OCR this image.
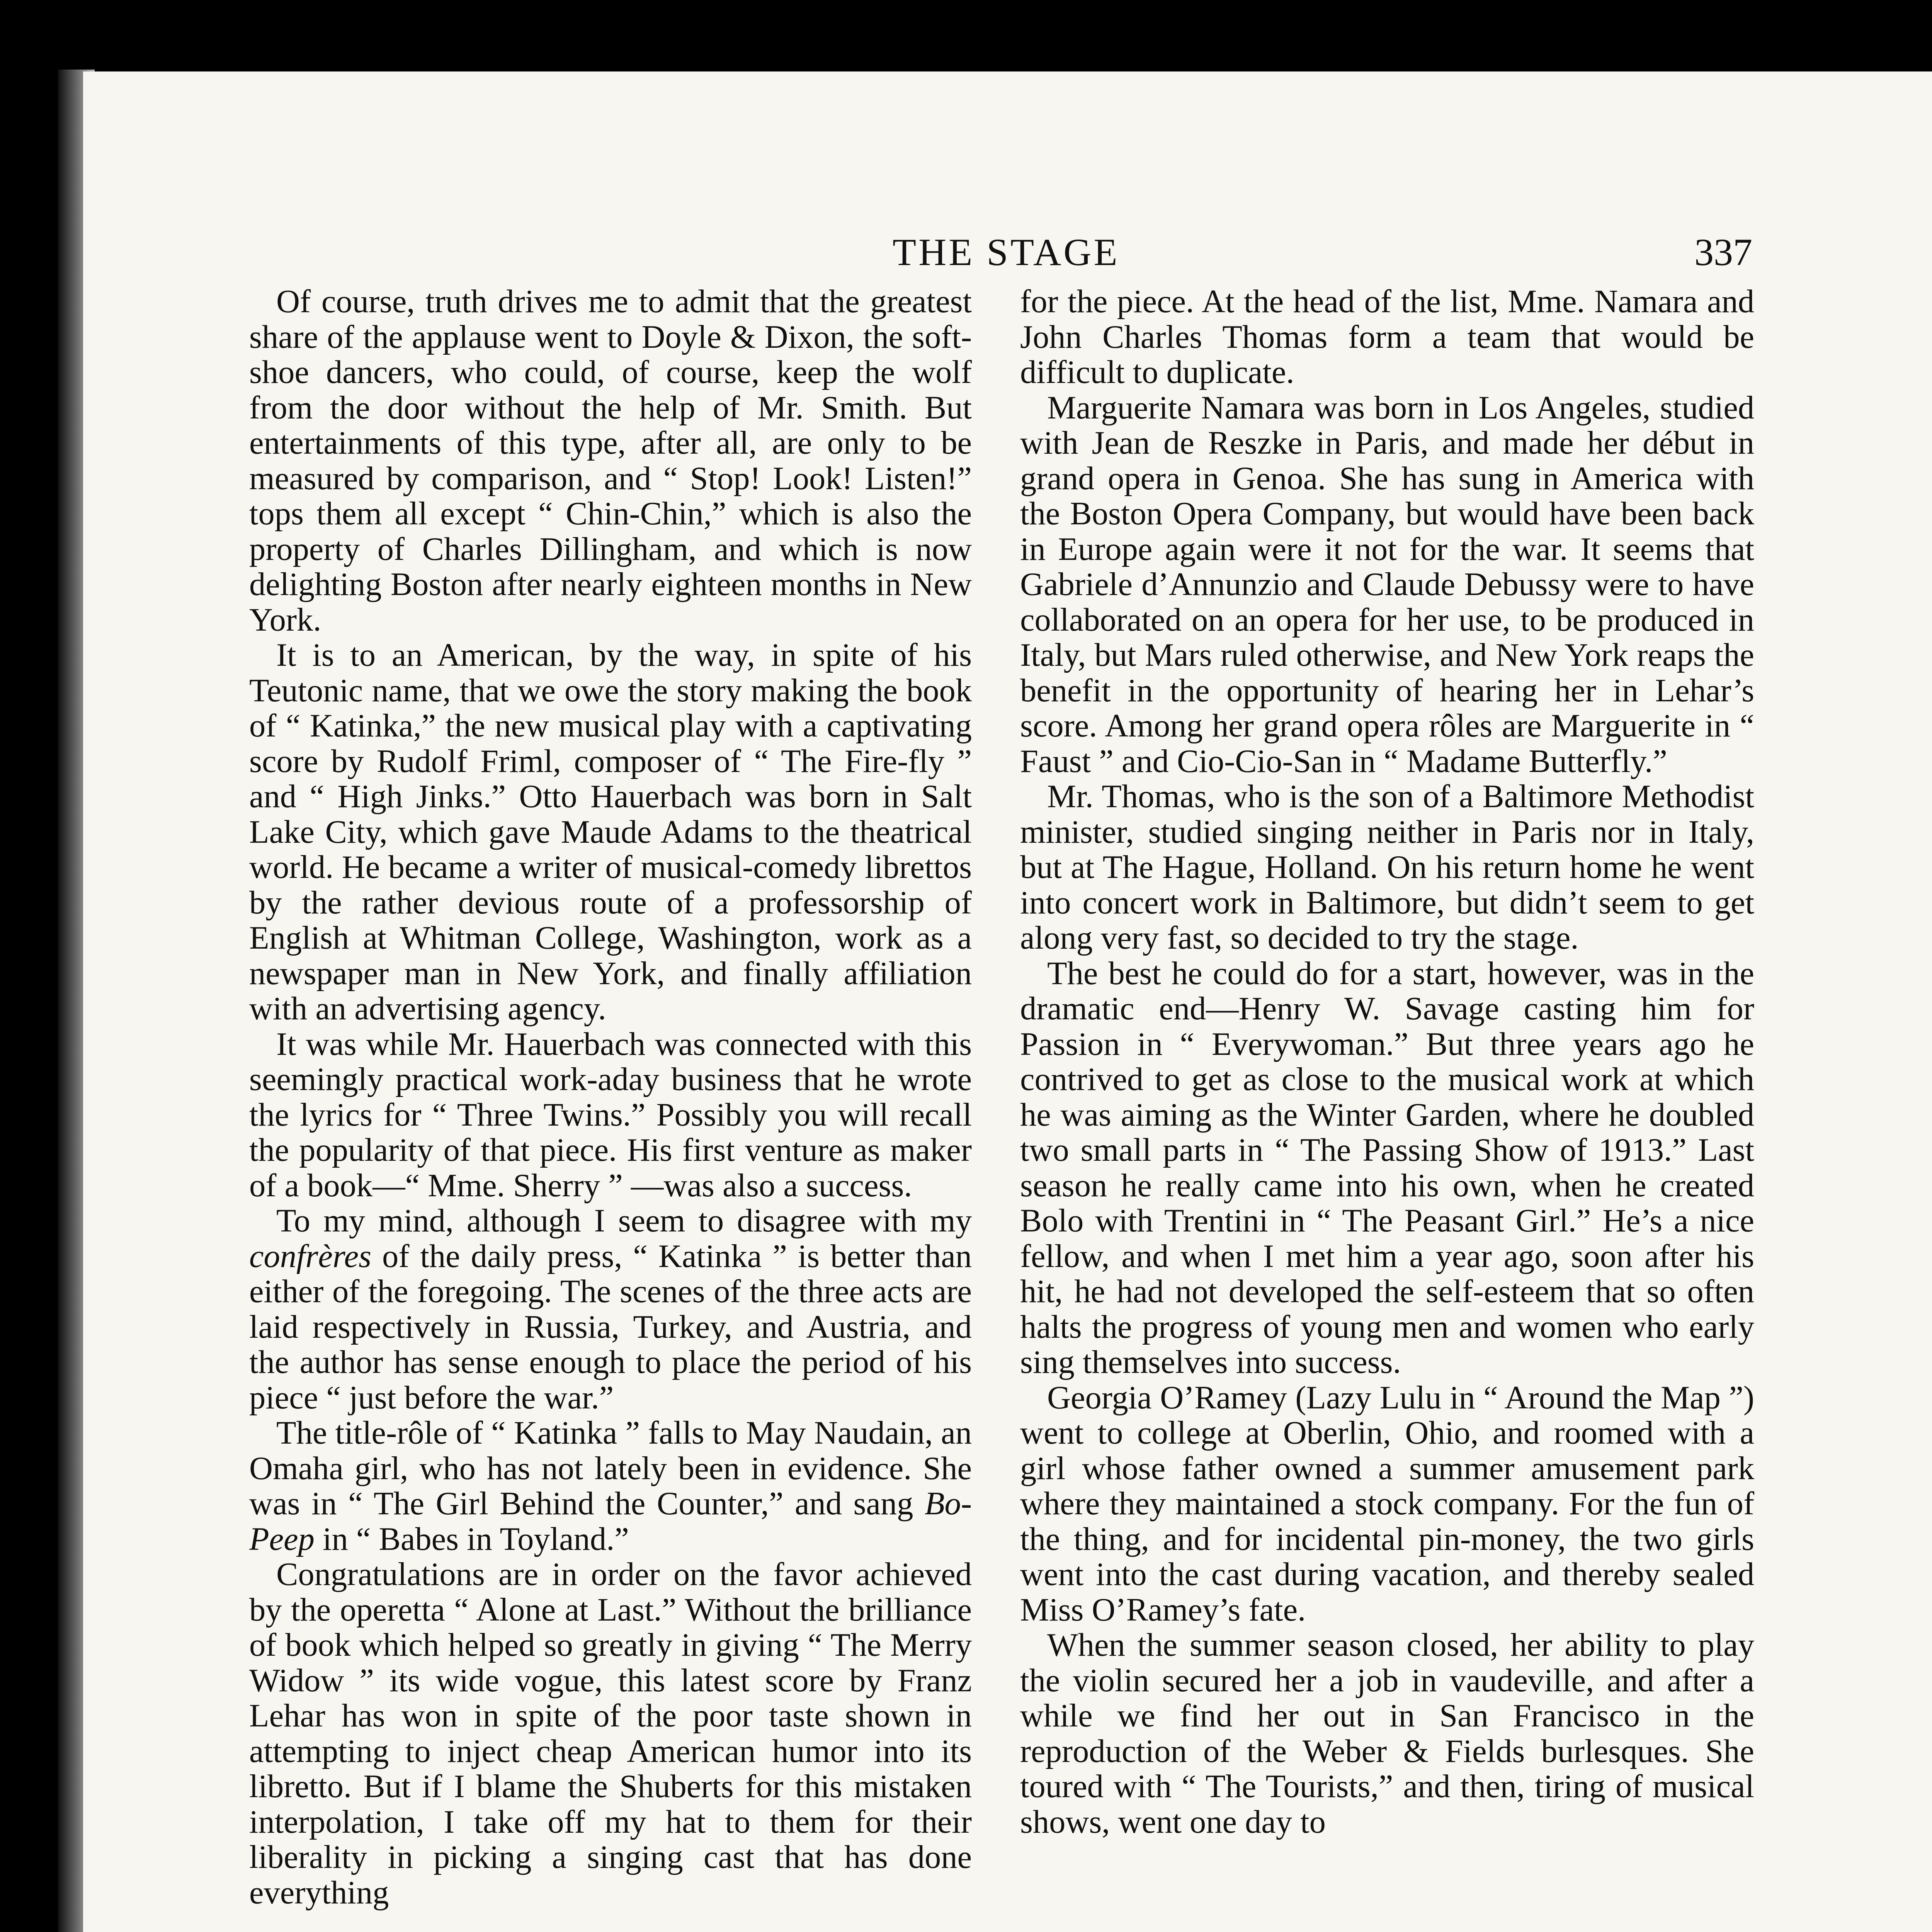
THE STAGE	337

Of course, truth drives me to admit that the greatest share of the applause went to Doyle & Dixon, the soft-shoe dancers, who could, of course, keep the wolf from the door without the help of Mr. Smith. But entertainments of this type, after all, are only to be measured by comparison, and “ Stop! Look! Listen!” tops them all except “ Chin-Chin,” which is also the property of Charles Dillingham, and which is now delighting Boston after nearly eighteen months in New York.

It is to an American, by the way, in spite of his Teutonic name, that we owe the story making the book of “ Katinka,” the new musical play with a captivating score by Rudolf Friml, composer of “ The Fire-fly ” and “ High Jinks.” Otto Hauerbach was born in Salt Lake City, which gave Maude Adams to the theatrical world. He became a writer of musical-comedy librettos by the rather devious route of a professorship of English at Whitman College, Washington, work as a newspaper man in New York, and finally affiliation with an advertising agency.

It was while Mr. Hauerbach was connected with this seemingly practical work-aday business that he wrote the lyrics for “ Three Twins.” Possibly you will recall the popularity of that piece. His first venture as maker of a book—“ Mme. Sherry ” —was also a success.

To my mind, although I seem to disagree with my confrères of the daily press, “ Katinka ” is better than either of the foregoing. The scenes of the three acts are laid respectively in Russia, Turkey, and Austria, and the author has sense enough to place the period of his piece “ just before the war.”

The title-rôle of “ Katinka ” falls to May Naudain, an Omaha girl, who has not lately been in evidence. She was in “ The Girl Behind the Counter,” and sang Bo-Peep in “ Babes in Toyland.”

Congratulations are in order on the favor achieved by the operetta “ Alone at Last.” Without the brilliance of book which helped so greatly in giving “ The Merry Widow ” its wide vogue, this latest score by Franz Lehar has won in spite of the poor taste shown in attempting to inject cheap American humor into its libretto. But if I blame the Shuberts for this mistaken interpolation, I take off my hat to them for their liberality in picking a singing cast that has done everything

for the piece. At the head of the list, Mme. Namara and John Charles Thomas form a team that would be difficult to duplicate.

Marguerite Namara was born in Los Angeles, studied with Jean de Reszke in Paris, and made her début in grand opera in Genoa. She has sung in America with the Boston Opera Company, but would have been back in Europe again were it not for the war. It seems that Gabriele d’Annunzio and Claude Debussy were to have collaborated on an opera for her use, to be produced in Italy, but Mars ruled otherwise, and New York reaps the benefit in the opportunity of hearing her in Lehar’s score. Among her grand opera rôles are Marguerite in “ Faust ” and Cio-Cio-San in “ Madame Butterfly.”

Mr. Thomas, who is the son of a Baltimore Methodist minister, studied singing neither in Paris nor in Italy, but at The Hague, Holland. On his return home he went into concert work in Baltimore, but didn’t seem to get along very fast, so decided to try the stage.

The best he could do for a start, however, was in the dramatic end—Henry W. Savage casting him for Passion in “ Everywoman.” But three years ago he contrived to get as close to the musical work at which he was aiming as the Winter Garden, where he doubled two small parts in “ The Passing Show of 1913.” Last season he really came into his own, when he created Bolo with Trentini in “ The Peasant Girl.” He’s a nice fellow, and when I met him a year ago, soon after his hit, he had not developed the self-esteem that so often halts the progress of young men and women who early sing themselves into success.

Georgia O’Ramey (Lazy Lulu in “ Around the Map ”) went to college at Oberlin, Ohio, and roomed with a girl whose father owned a summer amusement park where they maintained a stock company. For the fun of the thing, and for incidental pin-money, the two girls went into the cast during vacation, and thereby sealed Miss O’Ramey’s fate.

When the summer season closed, her ability to play the violin secured her a job in vaudeville, and after a while we find her out in San Francisco in the reproduction of the Weber & Fields burlesques. She toured with “ The Tourists,” and then, tiring of musical shows, went one day to
